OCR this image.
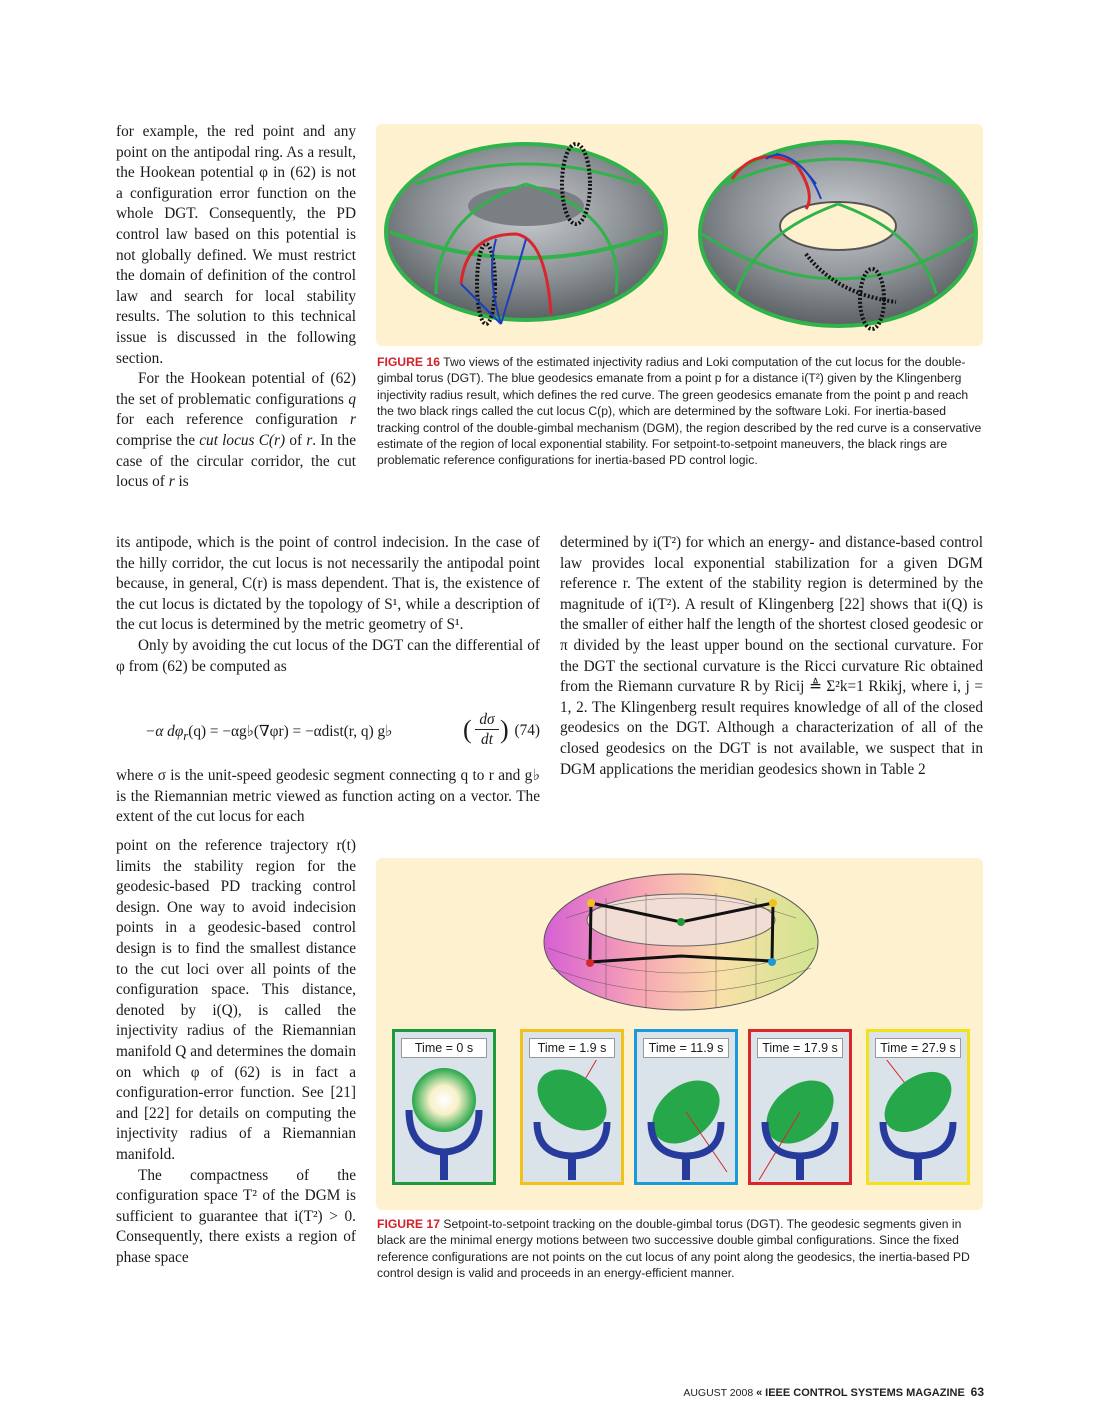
for example, the red point and any point on the antipodal ring. As a result, the Hookean potential φ in (62) is not a configuration error function on the whole DGT. Consequently, the PD control law based on this potential is not globally defined. We must restrict the domain of definition of the control law and search for local stability results. The solution to this technical issue is discussed in the following section.

For the Hookean potential of (62) the set of problematic configurations q for each reference configuration r comprise the cut locus C(r) of r. In the case of the circular corridor, the cut locus of r is

FIGURE 16 Two views of the estimated injectivity radius and Loki computation of the cut locus for the double-gimbal torus (DGT). The blue geodesics emanate from a point p for a distance i(T²) given by the Klingenberg injectivity radius result, which defines the red curve. The green geodesics emanate from the point p and reach the two black rings called the cut locus C(p), which are determined by the software Loki. For inertia-based tracking control of the double-gimbal mechanism (DGM), the region described by the red curve is a conservative estimate of the region of local exponential stability. For setpoint-to-setpoint maneuvers, the black rings are problematic reference configurations for inertia-based PD control logic.

its antipode, which is the point of control indecision. In the case of the hilly corridor, the cut locus is not necessarily the antipodal point because, in general, C(r) is mass dependent. That is, the existence of the cut locus is dictated by the topology of S¹, while a description of the cut locus is determined by the metric geometry of S¹.

Only by avoiding the cut locus of the DGT can the differential of φ from (62) be computed as

−α $d\varphi_r(q)$ = −αg♭(∇φr) = −αdist(r, q) g♭	( dσ
dt ) (74)

where σ is the unit-speed geodesic segment connecting q to r and g♭ is the Riemannian metric viewed as function acting on a vector. The extent of the cut locus for each

determined by i(T²) for which an energy- and distance-based control law provides local exponential stabilization for a given DGM reference r. The extent of the stability region is determined by the magnitude of i(T²). A result of Klingenberg [22] shows that i(Q) is the smaller of either half the length of the shortest closed geodesic or π divided by the least upper bound on the sectional curvature. For the DGT the sectional curvature is the Ricci curvature Ric obtained from the Riemann curvature R by Ricij ≜ Σ²k=1 Rkikj, where i, j = 1, 2. The Klingenberg result requires knowledge of all of the closed geodesics on the DGT. Although a characterization of all of the closed geodesics on the DGT is not available, we suspect that in DGM applications the meridian geodesics shown in Table 2

point on the reference trajectory r(t) limits the stability region for the geodesic-based PD tracking control design. One way to avoid indecision points in a geodesic-based control design is to find the smallest distance to the cut loci over all points of the configuration space. This distance, denoted by i(Q), is called the injectivity radius of the Riemannian manifold Q and determines the domain on which φ of (62) is in fact a configuration-error function. See [21] and [22] for details on computing the injectivity radius of a Riemannian manifold.

The compactness of the configuration space T² of the DGM is sufficient to guarantee that i(T²) > 0. Consequently, there exists a region of phase space

Time = 0 s	Time = 1.9 s	Time = 11.9 s	Time = 17.9 s	Time = 27.9 s

FIGURE 17 Setpoint-to-setpoint tracking on the double-gimbal torus (DGT). The geodesic segments given in black are the minimal energy motions between two successive double gimbal configurations. Since the fixed reference configurations are not points on the cut locus of any point along the geodesics, the inertia-based PD control design is valid and proceeds in an energy-efficient manner.

AUGUST 2008 « IEEE CONTROL SYSTEMS MAGAZINE 63
